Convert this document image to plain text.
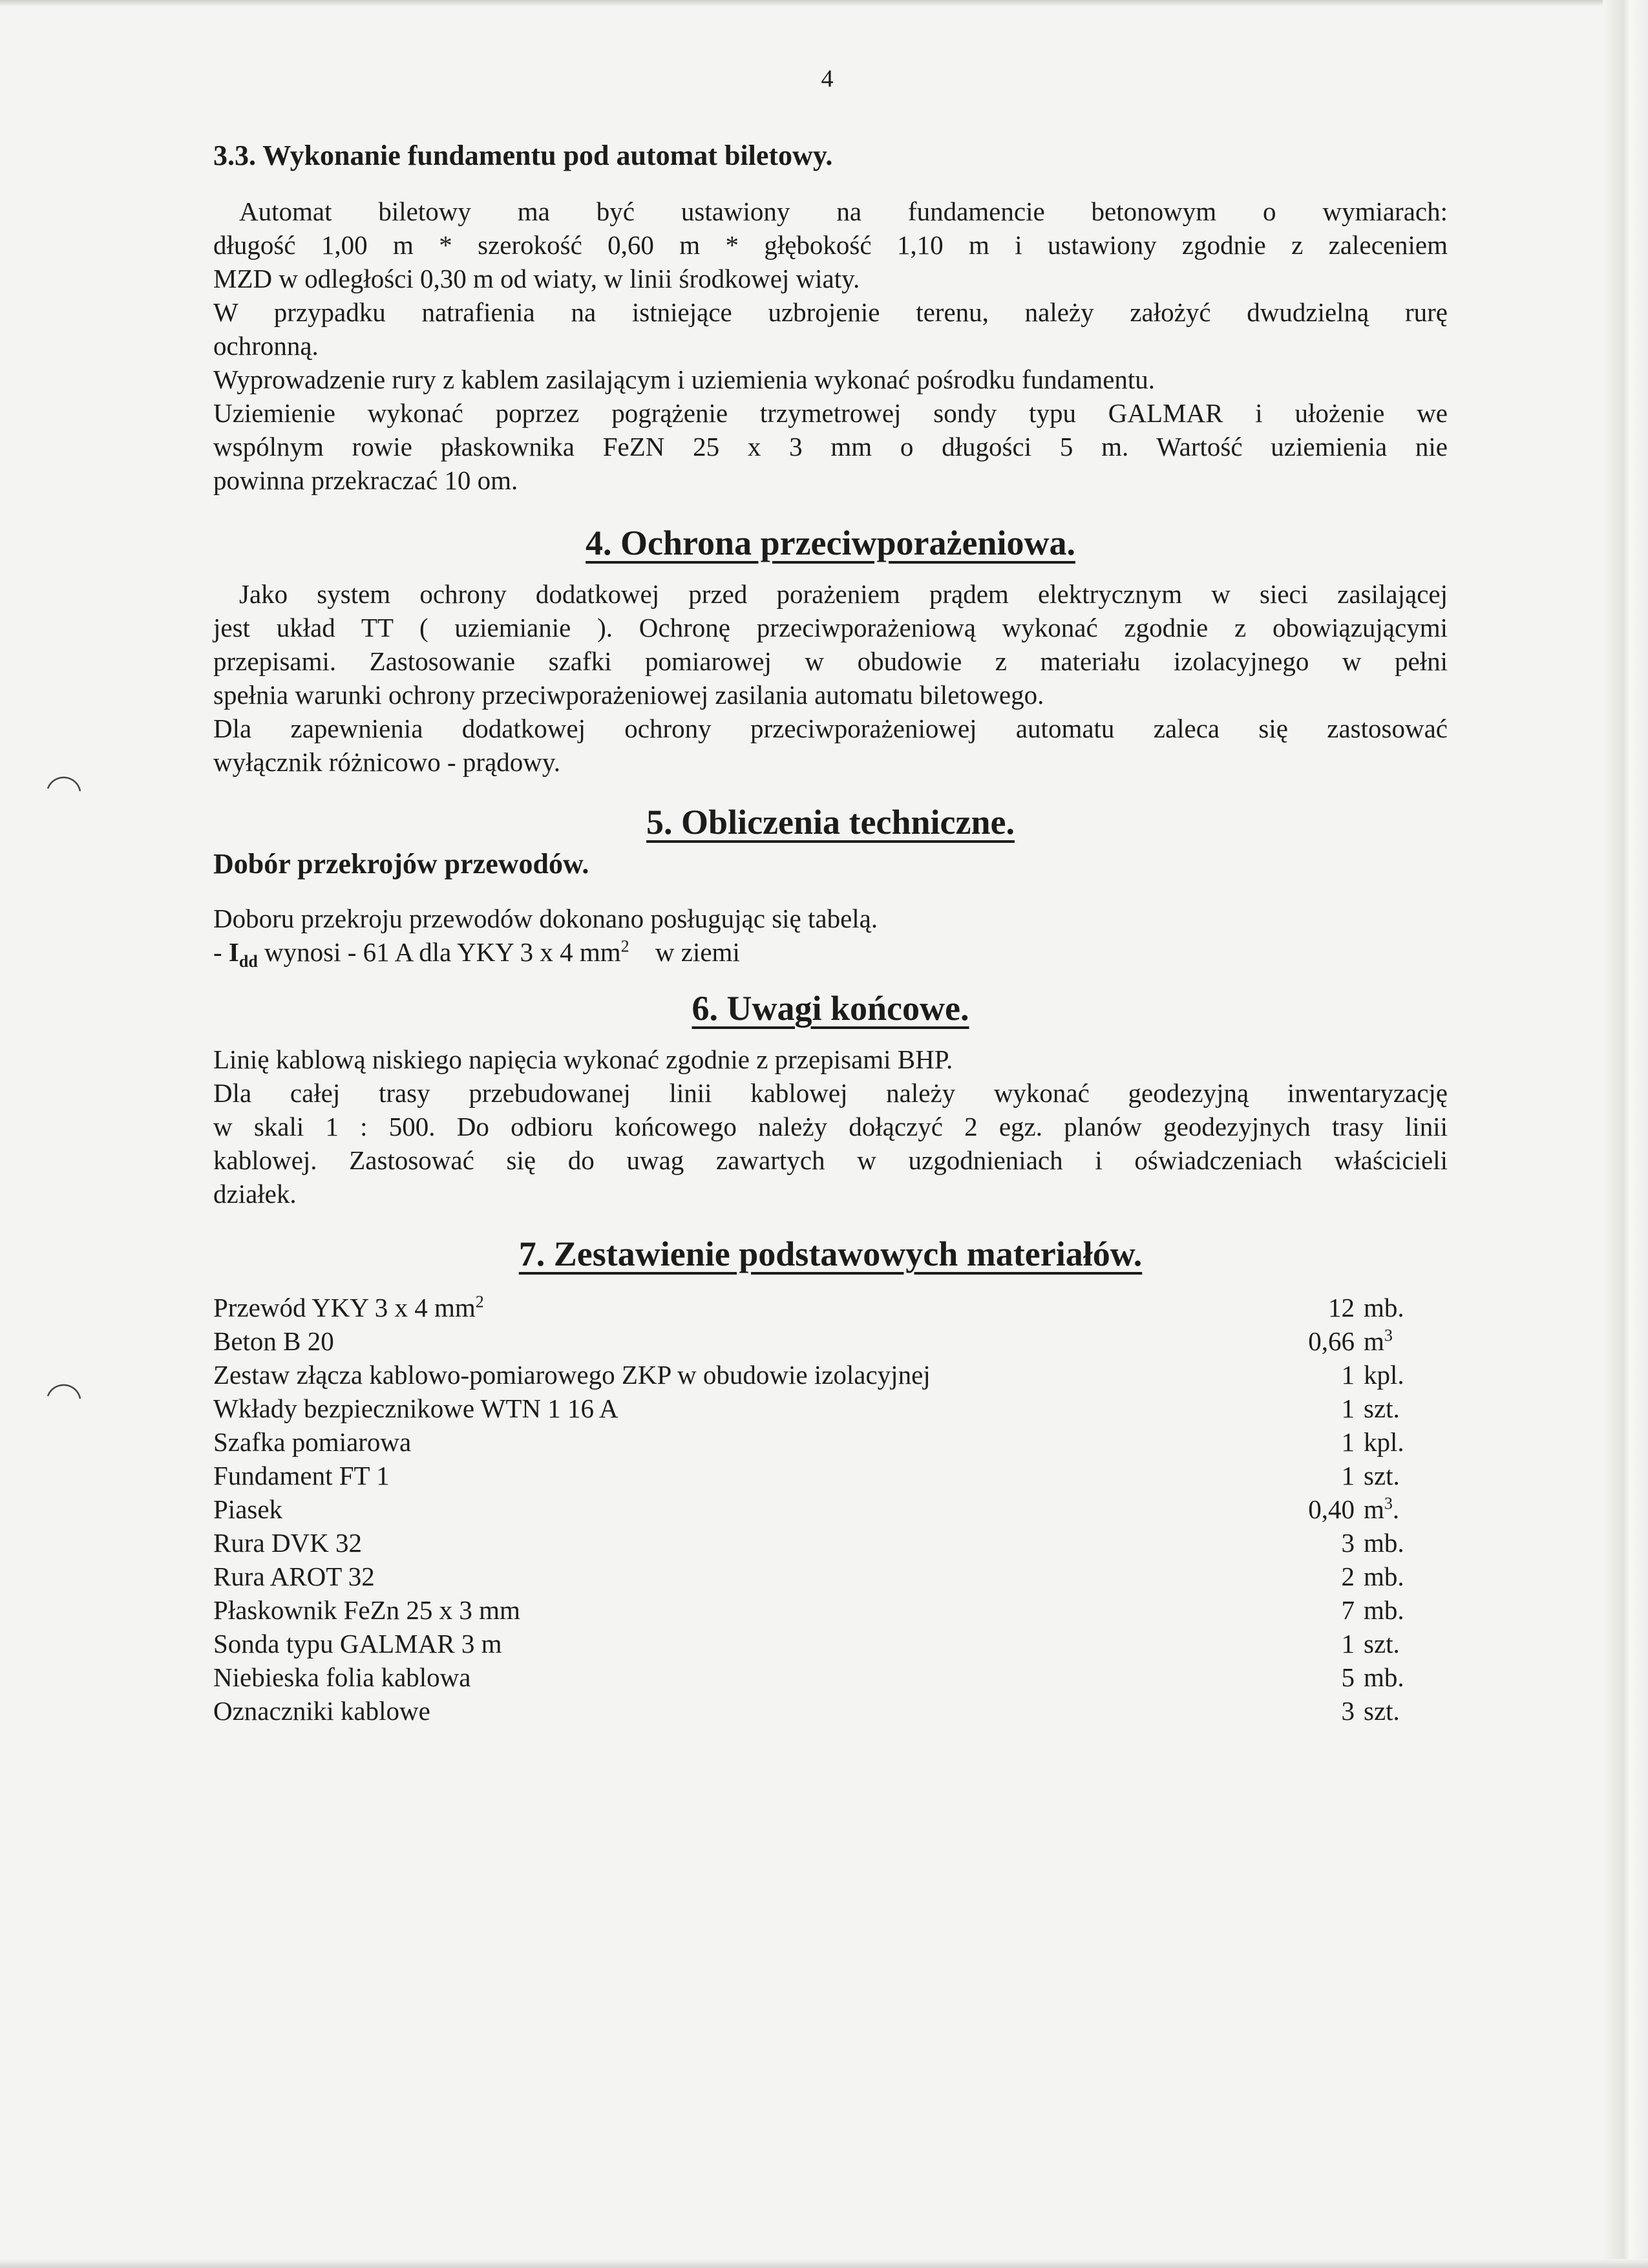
4
3.3. Wykonanie fundamentu pod automat biletowy.

Automat biletowy ma być ustawiony na fundamencie betonowym o wymiarach:

długość 1,00 m * szerokość 0,60 m * głębokość 1,10 m i ustawiony zgodnie z zaleceniem

MZD w odległości 0,30 m od wiaty, w linii środkowej wiaty.

W przypadku natrafienia na istniejące uzbrojenie terenu, należy założyć dwudzielną rurę

ochronną.

Wyprowadzenie rury z kablem zasilającym i uziemienia wykonać pośrodku fundamentu.

Uziemienie wykonać poprzez pogrążenie trzymetrowej sondy typu GALMAR i ułożenie we

wspólnym rowie płaskownika FeZN 25 x 3 mm o długości 5 m. Wartość uziemienia nie

powinna przekraczać 10 om.

4. Ochrona przeciwporażeniowa.

Jako system ochrony dodatkowej przed porażeniem prądem elektrycznym w sieci zasilającej

jest układ TT ( uziemianie ). Ochronę przeciwporażeniową wykonać zgodnie z obowiązującymi

przepisami. Zastosowanie szafki pomiarowej w obudowie z materiału izolacyjnego w pełni

spełnia warunki ochrony przeciwporażeniowej zasilania automatu biletowego.

Dla zapewnienia dodatkowej ochrony przeciwporażeniowej automatu zaleca się zastosować

wyłącznik różnicowo - prądowy.

5. Obliczenia techniczne.
Dobór przekrojów przewodów.

Doboru przekroju przewodów dokonano posługując się tabelą.

- $I_{dd}$ wynosi - 61 A dla YKY 3 x 4 $mm^2$ w ziemi

6. Uwagi końcowe.

Linię kablową niskiego napięcia wykonać zgodnie z przepisami BHP.

Dla całej trasy przebudowanej linii kablowej należy wykonać geodezyjną inwentaryzację

w skali 1 : 500. Do odbioru końcowego należy dołączyć 2 egz. planów geodezyjnych trasy linii

kablowej. Zastosować się do uwag zawartych w uzgodnieniach i oświadczeniach właścicieli

działek.

7. Zestawienie podstawowych materiałów.
Przewód YKY 3 x 4 $mm^2$	12	mb.
Beton B 20	0,66	$m^3$
Zestaw złącza kablowo-pomiarowego ZKP w obudowie izolacyjnej	1	kpl.
Wkłady bezpiecznikowe WTN 1 16 A	1	szt.
Szafka pomiarowa	1	kpl.
Fundament FT 1	1	szt.
Piasek	0,40	$m^3$.
Rura DVK 32	3	mb.
Rura AROT 32	2	mb.
Płaskownik FeZn 25 x 3 mm	7	mb.
Sonda typu GALMAR 3 m	1	szt.
Niebieska folia kablowa	5	mb.
Oznaczniki kablowe	3	szt.
